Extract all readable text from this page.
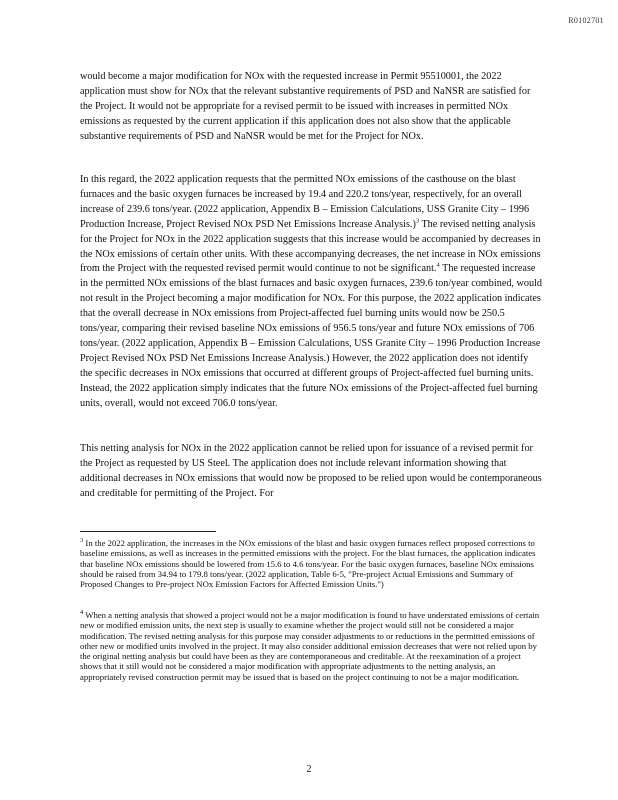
R0102701

would become a major modification for NOx with the requested increase in Permit 95510001, the 2022 application must show for NOx that the relevant substantive requirements of PSD and NaNSR are satisfied for the Project. It would not be appropriate for a revised permit to be issued with increases in permitted NOx emissions as requested by the current application if this application does not also show that the applicable substantive requirements of PSD and NaNSR would be met for the Project for NOx.

In this regard, the 2022 application requests that the permitted NOx emissions of the casthouse on the blast furnaces and the basic oxygen furnaces be increased by 19.4 and 220.2 tons/year, respectively, for an overall increase of 239.6 tons/year. (2022 application, Appendix B – Emission Calculations, USS Granite City – 1996 Production Increase, Project Revised NOx PSD Net Emissions Increase Analysis.)$^3$ The revised netting analysis for the Project for NOx in the 2022 application suggests that this increase would be accompanied by decreases in the NOx emissions of certain other units. With these accompanying decreases, the net increase in NOx emissions from the Project with the requested revised permit would continue to not be significant.$^4$ The requested increase in the permitted NOx emissions of the blast furnaces and basic oxygen furnaces, 239.6 ton/year combined, would not result in the Project becoming a major modification for NOx. For this purpose, the 2022 application indicates that the overall decrease in NOx emissions from Project-affected fuel burning units would now be 250.5 tons/year, comparing their revised baseline NOx emissions of 956.5 tons/year and future NOx emissions of 706 tons/year. (2022 application, Appendix B – Emission Calculations, USS Granite City – 1996 Production Increase Project Revised NOx PSD Net Emissions Increase Analysis.) However, the 2022 application does not identify the specific decreases in NOx emissions that occurred at different groups of Project-affected fuel burning units. Instead, the 2022 application simply indicates that the future NOx emissions of the Project-affected fuel burning units, overall, would not exceed 706.0 tons/year.

This netting analysis for NOx in the 2022 application cannot be relied upon for issuance of a revised permit for the Project as requested by US Steel. The application does not include relevant information showing that additional decreases in NOx emissions that would now be proposed to be relied upon would be contemporaneous and creditable for permitting of the Project. For

$^3$ In the 2022 application, the increases in the NOx emissions of the blast and basic oxygen furnaces reflect proposed corrections to baseline emissions, as well as increases in the permitted emissions with the project. For the blast furnaces, the application indicates that baseline NOx emissions should be lowered from 15.6 to 4.6 tons/year. For the basic oxygen furnaces, baseline NOx emissions should be raised from 34.94 to 179.8 tons/year. (2022 application, Table 6-5, "Pre-project Actual Emissions and Summary of Proposed Changes to Pre-project NOx Emission Factors for Affected Emission Units.")

$^4$ When a netting analysis that showed a project would not be a major modification is found to have understated emissions of certain new or modified emission units, the next step is usually to examine whether the project would still not be considered a major modification. The revised netting analysis for this purpose may consider adjustments to or reductions in the permitted emissions of other new or modified units involved in the project. It may also consider additional emission decreases that were not relied upon by the original netting analysis but could have been as they are contemporaneous and creditable. At the reexamination of a project shows that it still would not be considered a major modification with appropriate adjustments to the netting analysis, an appropriately revised construction permit may be issued that is based on the project continuing to not be a major modification.

2
